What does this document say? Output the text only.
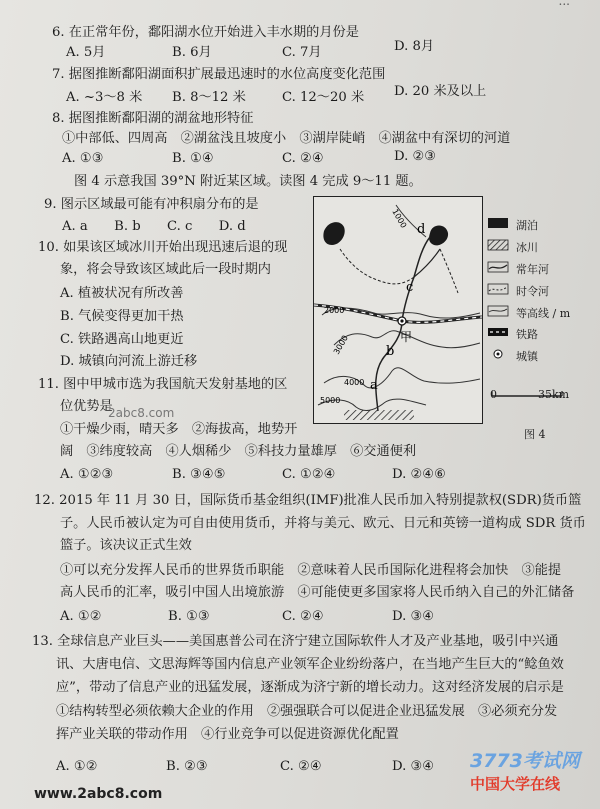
...
6. 在正常年份，鄱阳湖水位开始进入丰水期的月份是
A. 5月	B. 6月	C. 7月	D. 8月
7. 据图推断鄱阳湖面积扩展最迅速时的水位高度变化范围
A. ~3～8 米 B. 8～12 米	C. 12～20 米 D. 20 米及以上
8. 据图推断鄱阳湖的湖盆地形特征
①中部低、四周高　②湖盆浅且坡度小　③湖岸陡峭　④湖盆中有深切的河道
A. ①③	B. ①④	C. ②④	D. ②③
图 4 示意我国 39°N 附近某区域。读图 4 完成 9～11 题。
9. 图示区域最可能有冲积扇分布的是
A. a　　B. b　　C. c　　D. d
10. 如果该区域冰川开始出现迅速后退的现
象，将会导致该区域此后一段时期内
A. 植被状况有所改善
B. 气候变得更加干热
C. 铁路遇高山地更近
D. 城镇向河流上游迁移
11. 图中甲城市选为我国航天发射基地的区
位优势是
①干燥少雨，晴天多　②海拔高，地势开
阔　③纬度较高　④人烟稀少　⑤科技力量雄厚　⑥交通便利
A. ①②③	B. ③④⑤	C. ①②④	D. ②④⑥
d
c
b
a
甲
1000
2000
3000
4000
5000
湖泊
冰川
常年河
时令河
等高线 / m
铁路
城镇
0	35km
图 4
12. 2015 年 11 月 30 日，国际货币基金组织(IMF)批准人民币加入特别提款权(SDR)货币篮
子。人民币被认定为可自由使用货币，并将与美元、欧元、日元和英镑一道构成 SDR 货币
篮子。该决议正式生效
①可以充分发挥人民币的世界货币职能　②意味着人民币国际化进程将会加快　③能提
高人民币的汇率，吸引中国人出境旅游　④可能使更多国家将人民币纳入自己的外汇储备
A. ①②	B. ①③	C. ②④	D. ③④
13. 全球信息产业巨头——美国惠普公司在济宁建立国际软件人才及产业基地，吸引中兴通
讯、大唐电信、文思海辉等国内信息产业领军企业纷纷落户，在当地产生巨大的“鲶鱼效
应”，带动了信息产业的迅猛发展，逐渐成为济宁新的增长动力。这对经济发展的启示是
①结构转型必须依赖大企业的作用　②强强联合可以促进企业迅猛发展　③必须充分发
挥产业关联的带动作用　④行业竞争可以促进资源优化配置
A. ①②	B. ②③	C. ②④	D. ③④
2abc8.com
www.2abc8.com
3773考试网
中国大学在线
